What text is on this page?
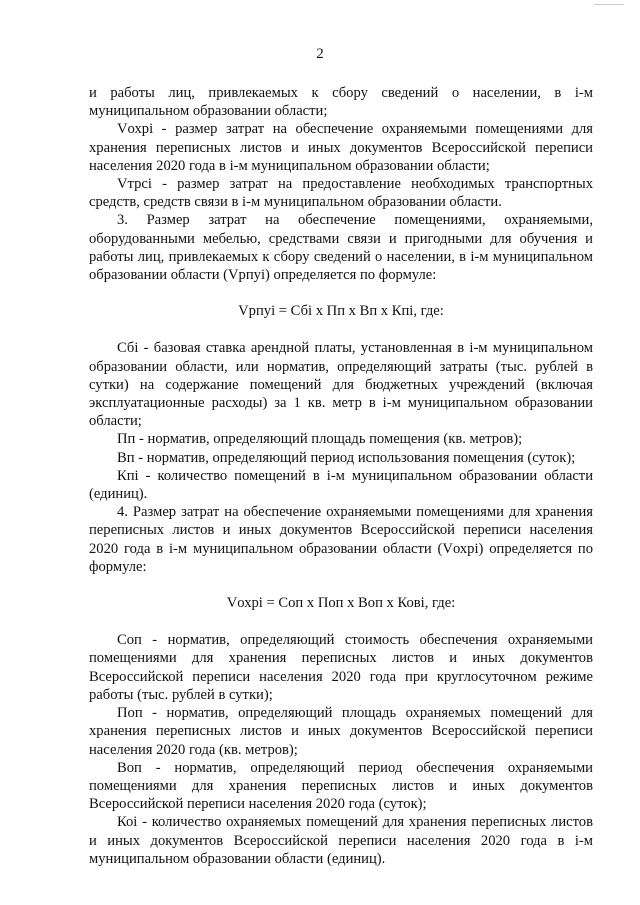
2

и работы лиц, привлекаемых к сбору сведений о населении, в і-м муниципальном образовании области;

Vохрі - размер затрат на обеспечение охраняемыми помещениями для хранения переписных листов и иных документов Всероссийской переписи населения 2020 года в і-м муниципальном образовании области;

Vтрсі - размер затрат на предоставление необходимых транспортных средств, средств связи в і-м муниципальном образовании области.

3. Размер затрат на обеспечение помещениями, охраняемыми, оборудованными мебелью, средствами связи и пригодными для обучения и работы лиц, привлекаемых к сбору сведений о населении, в і-м муниципальном образовании области (Vрпуі) определяется по формуле:

Vрпуі = Сбі х Пп х Вп х Кпі, где:

Сбі - базовая ставка арендной платы, установленная в і-м муниципальном образовании области, или норматив, определяющий затраты (тыс. рублей в сутки) на содержание помещений для бюджетных учреждений (включая эксплуатационные расходы) за 1 кв. метр в і-м муниципальном образовании области;

Пп - норматив, определяющий площадь помещения (кв. метров);

Вп - норматив, определяющий период использования помещения (суток);

Кпі - количество помещений в і-м муниципальном образовании области (единиц).

4. Размер затрат на обеспечение охраняемыми помещениями для хранения переписных листов и иных документов Всероссийской переписи населения 2020 года в і-м муниципальном образовании области (Vохрі) определяется по формуле:

Vохрі = Соп х Поп х Воп х Кові, где:

Соп - норматив, определяющий стоимость обеспечения охраняемыми помещениями для хранения переписных листов и иных документов Всероссийской переписи населения 2020 года при круглосуточном режиме работы (тыс. рублей в сутки);

Поп - норматив, определяющий площадь охраняемых помещений для хранения переписных листов и иных документов Всероссийской переписи населения 2020 года (кв. метров);

Воп - норматив, определяющий период обеспечения охраняемыми помещениями для хранения переписных листов и иных документов Всероссийской переписи населения 2020 года (суток);

Коі - количество охраняемых помещений для хранения переписных листов и иных документов Всероссийской переписи населения 2020 года в і-м муниципальном образовании области (единиц).
